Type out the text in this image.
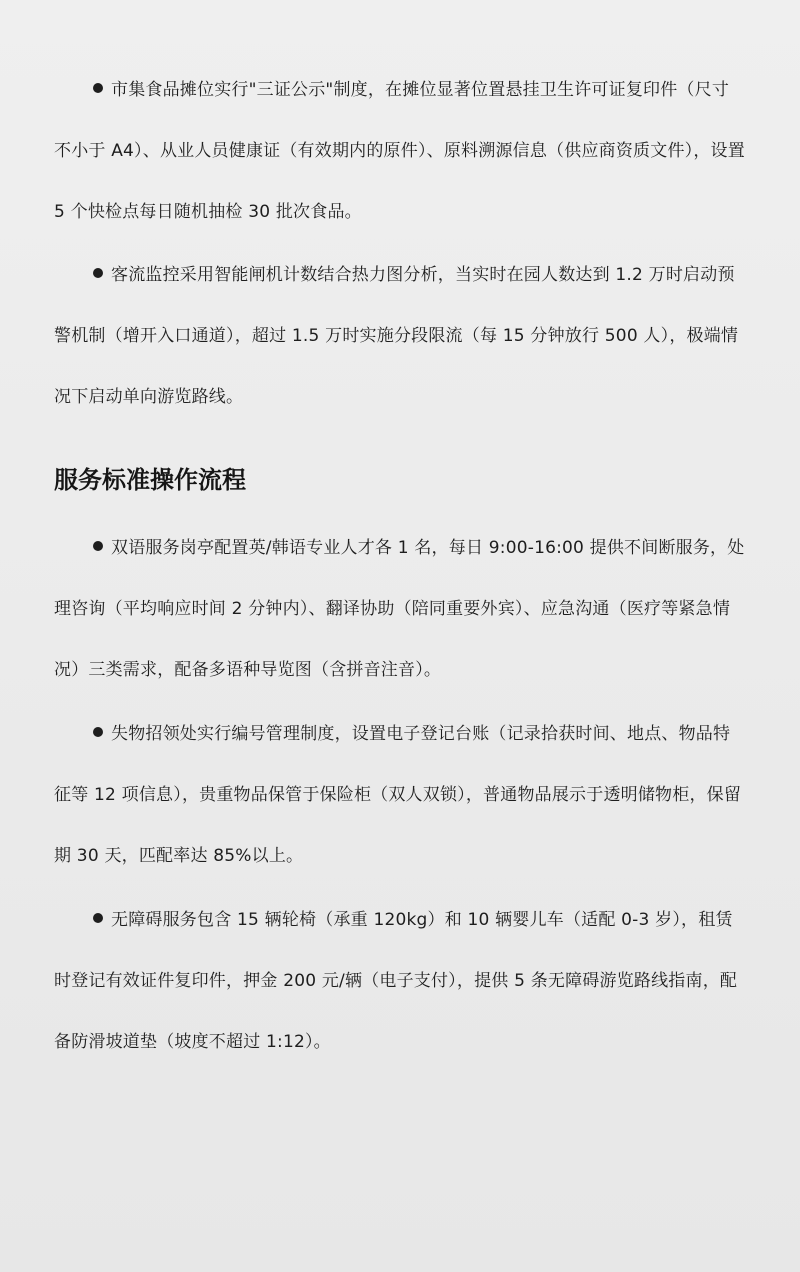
市集食品摊位实行"三证公示"制度，在摊位显著位置悬挂卫生许可证复印件（尺寸不小于 A4）、从业人员健康证（有效期内的原件）、原料溯源信息（供应商资质文件），设置 5 个快检点每日随机抽检 30 批次食品。

客流监控采用智能闸机计数结合热力图分析，当实时在园人数达到 1.2 万时启动预警机制（增开入口通道），超过 1.5 万时实施分段限流（每 15 分钟放行 500 人），极端情况下启动单向游览路线。

服务标准操作流程

双语服务岗亭配置英/韩语专业人才各 1 名，每日 9:00-16:00 提供不间断服务，处理咨询（平均响应时间 2 分钟内）、翻译协助（陪同重要外宾）、应急沟通（医疗等紧急情况）三类需求，配备多语种导览图（含拼音注音）。

失物招领处实行编号管理制度，设置电子登记台账（记录拾获时间、地点、物品特征等 12 项信息），贵重物品保管于保险柜（双人双锁），普通物品展示于透明储物柜，保留期 30 天，匹配率达 85%以上。

无障碍服务包含 15 辆轮椅（承重 120kg）和 10 辆婴儿车（适配 0-3 岁），租赁时登记有效证件复印件，押金 200 元/辆（电子支付），提供 5 条无障碍游览路线指南，配备防滑坡道垫（坡度不超过 1:12）。
